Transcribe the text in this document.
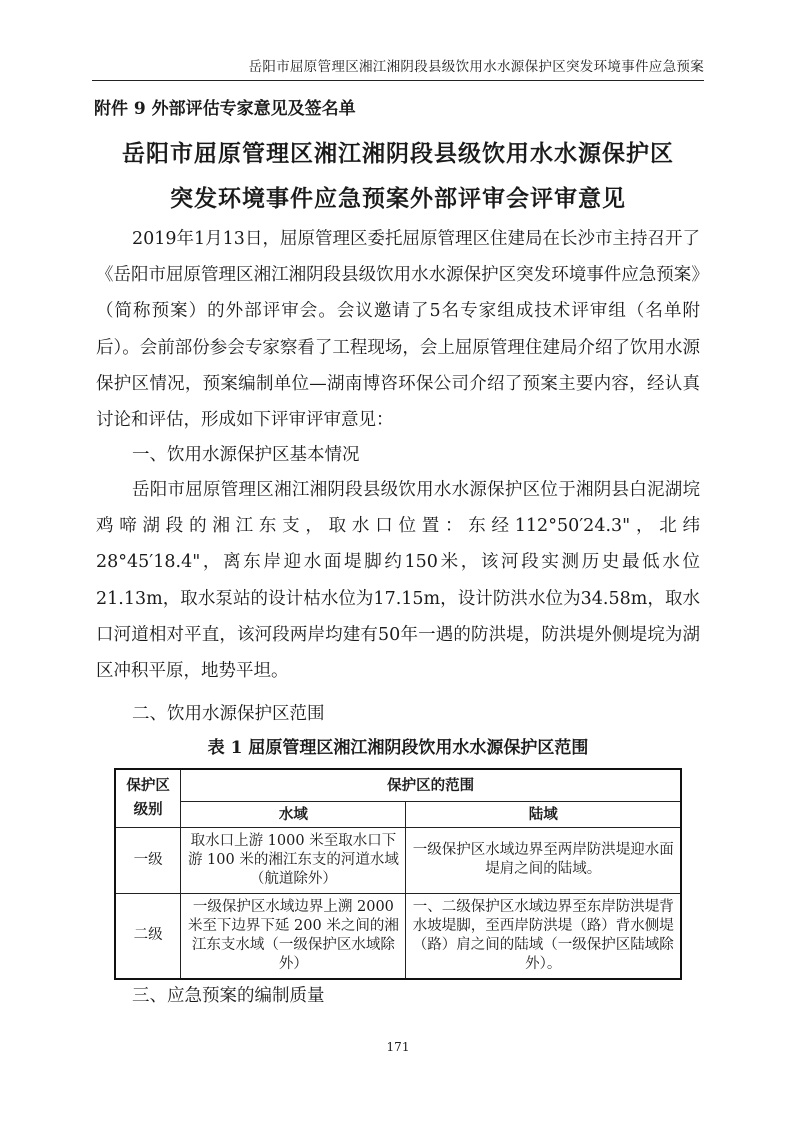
岳阳市屈原管理区湘江湘阴段县级饮用水水源保护区突发环境事件应急预案
附件 9 外部评估专家意见及签名单
岳阳市屈原管理区湘江湘阴段县级饮用水水源保护区
突发环境事件应急预案外部评审会评审意见

2019年1月13日，屈原管理区委托屈原管理区住建局在长沙市主持召开了《岳阳市屈原管理区湘江湘阴段县级饮用水水源保护区突发环境事件应急预案》（简称预案）的外部评审会。会议邀请了5名专家组成技术评审组（名单附后）。会前部份参会专家察看了工程现场，会上屈原管理住建局介绍了饮用水源保护区情况，预案编制单位—湖南博咨环保公司介绍了预案主要内容，经认真讨论和评估，形成如下评审评审意见：

一、饮用水源保护区基本情况

岳阳市屈原管理区湘江湘阴段县级饮用水水源保护区位于湘阴县白泥湖垸鸡啼湖段的湘江东支，取水口位置：东经112°50′24.3"，北纬28°45′18.4"，离东岸迎水面堤脚约150米，该河段实测历史最低水位21.13m，取水泵站的设计枯水位为17.15m，设计防洪水位为34.58m，取水口河道相对平直，该河段两岸均建有50年一遇的防洪堤，防洪堤外侧堤垸为湖区冲积平原，地势平坦。

二、饮用水源保护区范围
表 1 屈原管理区湘江湘阴段饮用水水源保护区范围
保护区级别	保护区的范围	
	水域	陆域
一级	取水口上游 1000 米至取水口下游 100 米的湘江东支的河道水域（航道除外）	一级保护区水域边界至两岸防洪堤迎水面堤肩之间的陆域。
二级	一级保护区水域边界上溯 2000 米至下边界下延 200 米之间的湘江东支水域（一级保护区水域除外）	一、二级保护区水域边界至东岸防洪堤背水坡堤脚，至西岸防洪堤（路）背水侧堤（路）肩之间的陆域（一级保护区陆域除外）。
三、应急预案的编制质量
171
